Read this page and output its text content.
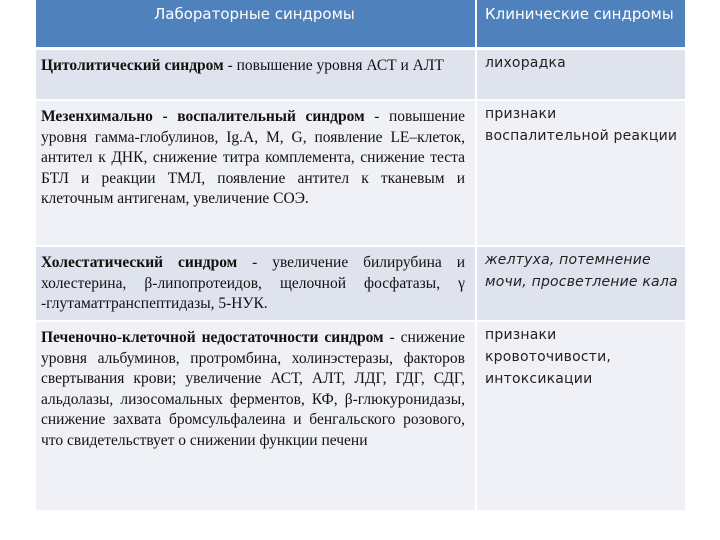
Лабораторные синдромы	Клинические синдромы
Цитолитический синдром - повышение уровня АСТ и АЛТ	лихорадка
Мезенхимально - воспалительный синдром - повышение уровня гамма-глобулинов, Ig.A, M, G, появление LE–клеток, антител к ДНК, снижение титра комплемента, снижение теста БТЛ и реакции ТМЛ, появление антител к тканевым и клеточным антигенам, увеличение СОЭ.	признаки воспалительной реакции
Холестатический синдром - увеличение билирубина и холестерина, β-липопротеидов, щелочной фосфатазы, γ -глутаматтранспептидазы, 5-НУК.	желтуха, потемнение мочи, просветление кала
Печеночно-клеточной недостаточности синдром - снижение уровня альбуминов, протромбина, холинэстеразы, факторов свертывания крови; увеличение АСТ, АЛТ, ЛДГ, ГДГ, СДГ, альдолазы, лизосомальных ферментов, КФ, β-глюкуронидазы, снижение захвата бромсульфалеина и бенгальского розового, что свидетельствует о снижении функции печени	признаки кровоточивости, интоксикации
